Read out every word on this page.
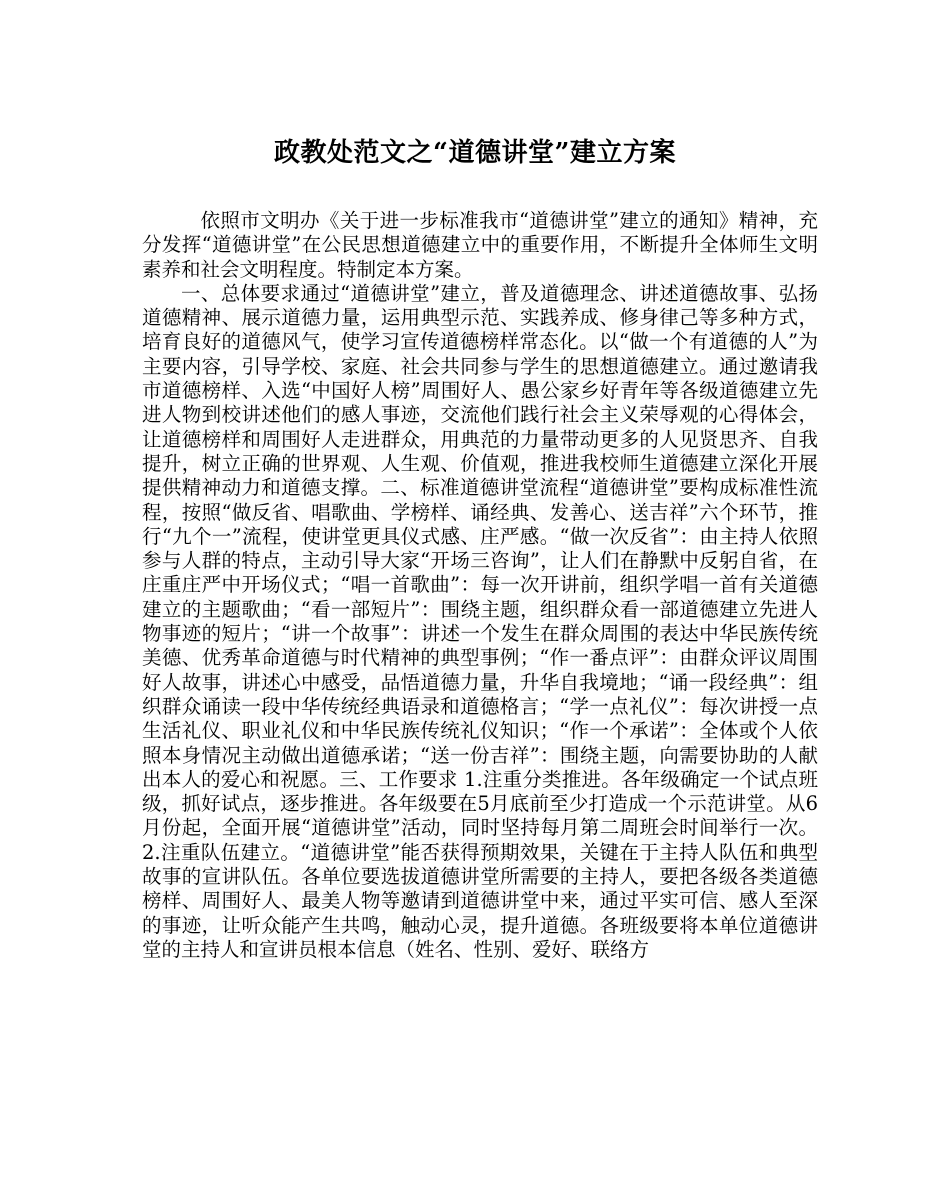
政教处范文之“道德讲堂”建立方案

依照市文明办《关于进一步标准我市“道德讲堂”建立的通知》精神，充分发挥“道德讲堂”在公民思想道德建立中的重要作用，不断提升全体师生文明素养和社会文明程度。特制定本方案。

一、总体要求通过“道德讲堂”建立，普及道德理念、讲述道德故事、弘扬道德精神、展示道德力量，运用典型示范、实践养成、修身律己等多种方式，培育良好的道德风气，使学习宣传道德榜样常态化。以“做一个有道德的人”为主要内容，引导学校、家庭、社会共同参与学生的思想道德建立。通过邀请我市道德榜样、入选“中国好人榜”周围好人、愚公家乡好青年等各级道德建立先进人物到校讲述他们的感人事迹，交流他们践行社会主义荣辱观的心得体会，让道德榜样和周围好人走进群众，用典范的力量带动更多的人见贤思齐、自我提升，树立正确的世界观、人生观、价值观，推进我校师生道德建立深化开展提供精神动力和道德支撑。二、标准道德讲堂流程“道德讲堂”要构成标准性流程，按照“做反省、唱歌曲、学榜样、诵经典、发善心、送吉祥”六个环节，推行“九个一”流程，使讲堂更具仪式感、庄严感。“做一次反省”：由主持人依照参与人群的特点，主动引导大家“开场三咨询”，让人们在静默中反躬自省，在庄重庄严中开场仪式；“唱一首歌曲”：每一次开讲前，组织学唱一首有关道德建立的主题歌曲；“看一部短片”：围绕主题，组织群众看一部道德建立先进人物事迹的短片；“讲一个故事”：讲述一个发生在群众周围的表达中华民族传统美德、优秀革命道德与时代精神的典型事例；“作一番点评”：由群众评议周围好人故事，讲述心中感受，品悟道德力量，升华自我境地；“诵一段经典”：组织群众诵读一段中华传统经典语录和道德格言；“学一点礼仪”：每次讲授一点生活礼仪、职业礼仪和中华民族传统礼仪知识；“作一个承诺”：全体或个人依照本身情况主动做出道德承诺；“送一份吉祥”：围绕主题，向需要协助的人献出本人的爱心和祝愿。三、工作要求 1.注重分类推进。各年级确定一个试点班级，抓好试点，逐步推进。各年级要在5月底前至少打造成一个示范讲堂。从6月份起，全面开展“道德讲堂”活动，同时坚持每月第二周班会时间举行一次。2.注重队伍建立。“道德讲堂”能否获得预期效果，关键在于主持人队伍和典型故事的宣讲队伍。各单位要选拔道德讲堂所需要的主持人，要把各级各类道德榜样、周围好人、最美人物等邀请到道德讲堂中来，通过平实可信、感人至深的事迹，让听众能产生共鸣，触动心灵，提升道德。各班级要将本单位道德讲堂的主持人和宣讲员根本信息（姓名、性别、爱好、联络方
